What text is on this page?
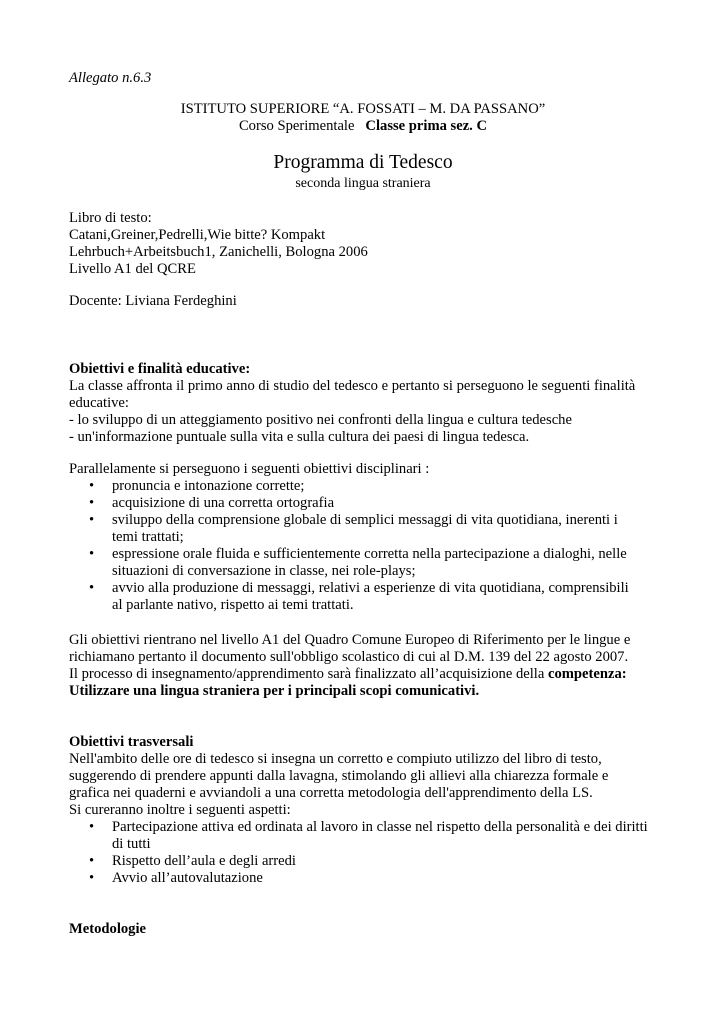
Allegato n.6.3
ISTITUTO SUPERIORE “A. FOSSATI – M. DA PASSANO”
Corso Sperimentale Classe prima sez. C
Programma di Tedesco
seconda lingua straniera
Libro di testo:
Catani,Greiner,Pedrelli,Wie bitte? Kompakt
Lehrbuch+Arbeitsbuch1, Zanichelli, Bologna 2006
Livello A1 del QCRE
Docente: Liviana Ferdeghini
Obiettivi e finalità educative:
La classe affronta il primo anno di studio del tedesco e pertanto si perseguono le seguenti finalità
educative:
- lo sviluppo di un atteggiamento positivo nei confronti della lingua e cultura tedesche
- un'informazione puntuale sulla vita e sulla cultura dei paesi di lingua tedesca.
Parallelamente si perseguono i seguenti obiettivi disciplinari :
• pronuncia e intonazione corrette;
• acquisizione di una corretta ortografia
• sviluppo della comprensione globale di semplici messaggi di vita quotidiana, inerenti i
temi trattati;
• espressione orale fluida e sufficientemente corretta nella partecipazione a dialoghi, nelle
situazioni di conversazione in classe, nei role-plays;
• avvio alla produzione di messaggi, relativi a esperienze di vita quotidiana, comprensibili
al parlante nativo, rispetto ai temi trattati.
Gli obiettivi rientrano nel livello A1 del Quadro Comune Europeo di Riferimento per le lingue e
richiamano pertanto il documento sull'obbligo scolastico di cui al D.M. 139 del 22 agosto 2007.
Il processo di insegnamento/apprendimento sarà finalizzato all’acquisizione della competenza:
Utilizzare una lingua straniera per i principali scopi comunicativi.
Obiettivi trasversali
Nell'ambito delle ore di tedesco si insegna un corretto e compiuto utilizzo del libro di testo,
suggerendo di prendere appunti dalla lavagna, stimolando gli allievi alla chiarezza formale e
grafica nei quaderni e avviandoli a una corretta metodologia dell'apprendimento della LS.
Si cureranno inoltre i seguenti aspetti:
• Partecipazione attiva ed ordinata al lavoro in classe nel rispetto della personalità e dei diritti
di tutti
• Rispetto dell’aula e degli arredi
• Avvio all’autovalutazione
Metodologie
